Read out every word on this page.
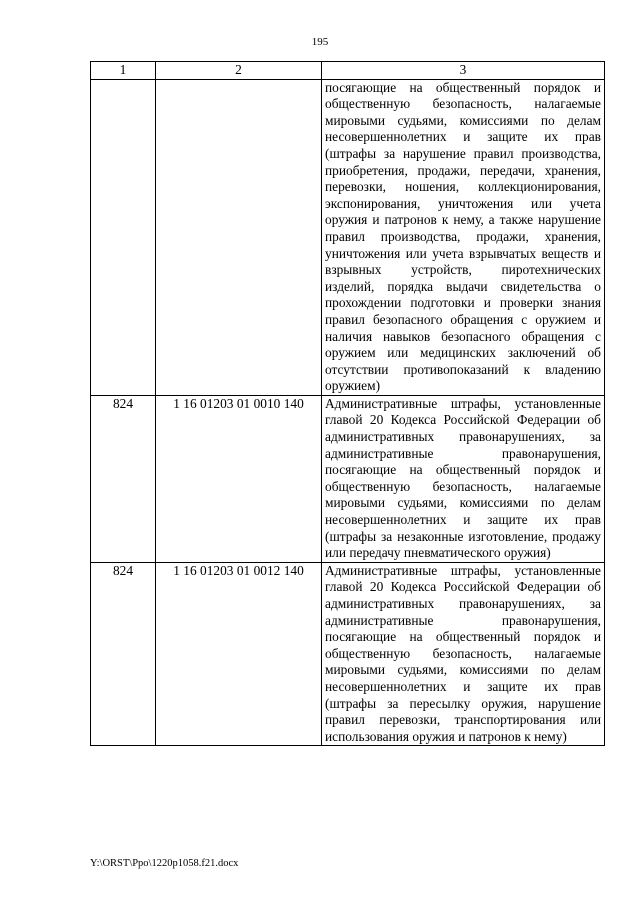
195
1	2	3
		посягающие на общественный порядок и общественную безопасность, налагаемые мировыми судьями, комиссиями по делам несовершеннолетних и защите их прав (штрафы за нарушение правил производства, приобретения, продажи, передачи, хранения, перевозки, ношения, коллекционирования, экспонирования, уничтожения или учета оружия и патронов к нему, а также нарушение правил производства, продажи, хранения, уничтожения или учета взрывчатых веществ и взрывных устройств, пиротехнических изделий, порядка выдачи свидетельства о прохождении подготовки и проверки знания правил безопасного обращения с оружием и наличия навыков безопасного обращения с оружием или медицинских заключений об отсутствии противопоказаний к владению оружием)
824	1 16 01203 01 0010 140	Административные штрафы, установленные главой 20 Кодекса Российской Федерации об административных правонарушениях, за административные правонарушения, посягающие на общественный порядок и общественную безопасность, налагаемые мировыми судьями, комиссиями по делам несовершеннолетних и защите их прав (штрафы за незаконные изготовление, продажу или передачу пневматического оружия)
824	1 16 01203 01 0012 140	Административные штрафы, установленные главой 20 Кодекса Российской Федерации об административных правонарушениях, за административные правонарушения, посягающие на общественный порядок и общественную безопасность, налагаемые мировыми судьями, комиссиями по делам несовершеннолетних и защите их прав (штрафы за пересылку оружия, нарушение правил перевозки, транспортирования или использования оружия и патронов к нему)
Y:\ORST\Ppo\1220p1058.f21.docx
